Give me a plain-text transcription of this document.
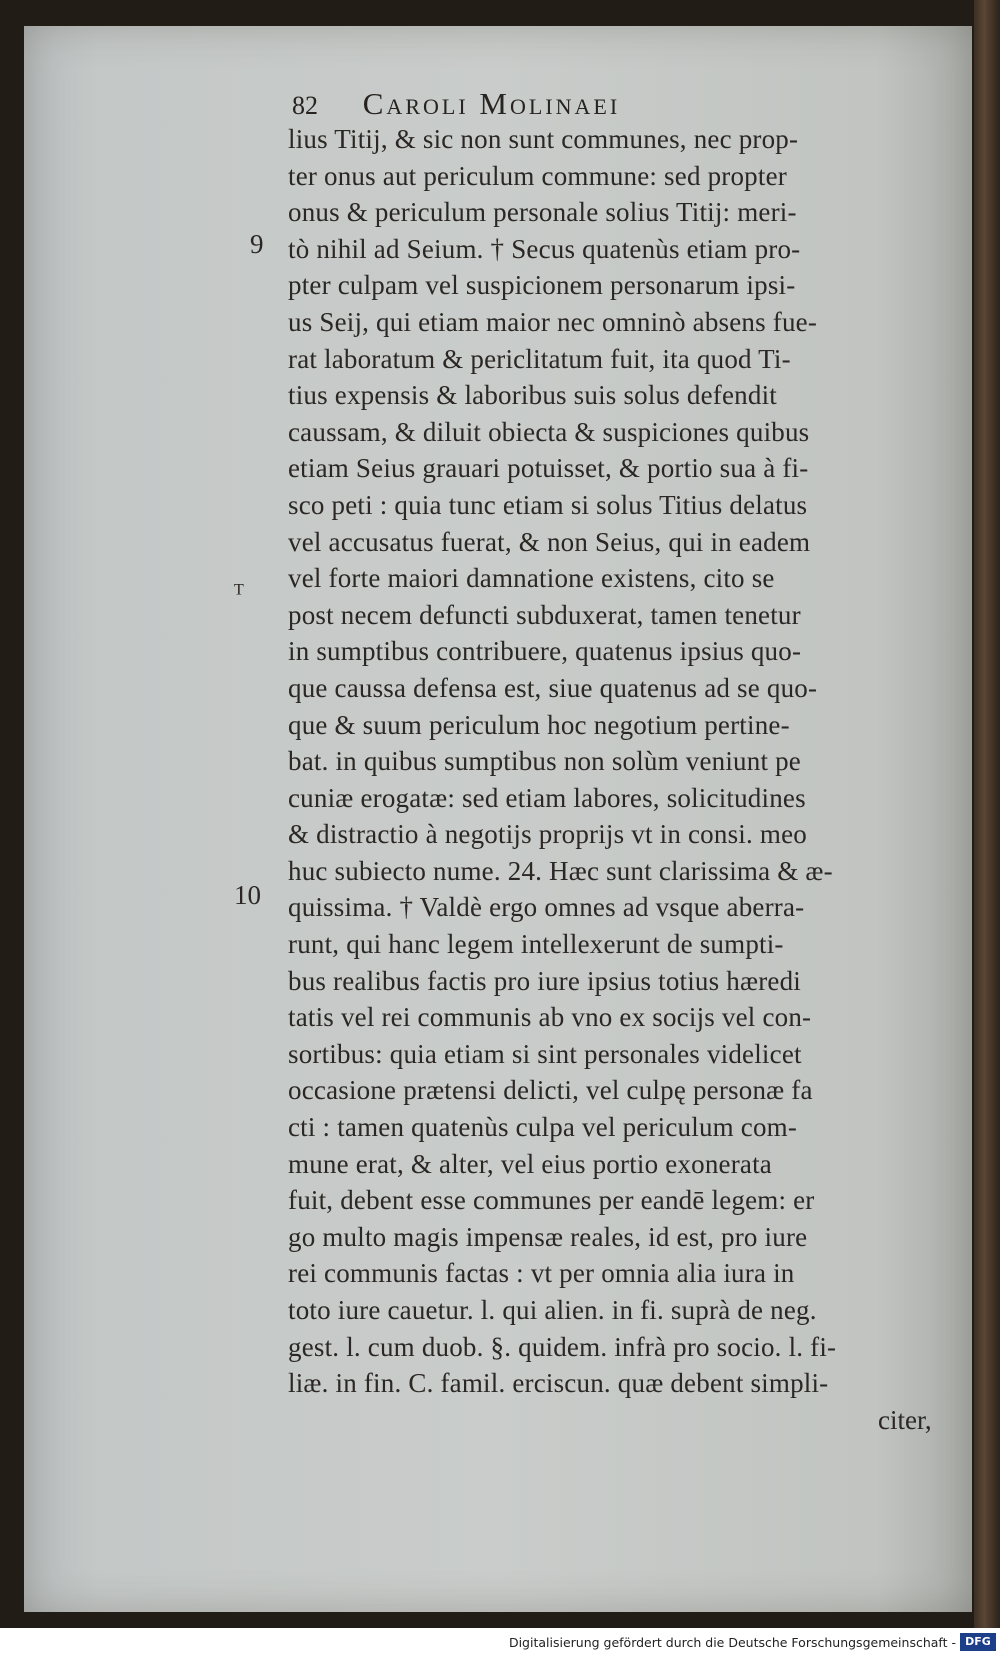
82 Caroli Molinaei
9
ᵀ
10
lius Titij, & sic non sunt communes, nec prop-
ter onus aut periculum commune: sed propter
onus & periculum personale solius Titij: meri-
tò nihil ad Seium. † Secus quatenùs etiam pro-
pter culpam vel suspicionem personarum ipsi-
us Seij, qui etiam maior nec omninò absens fue-
rat laboratum & periclitatum fuit, ita quod Ti-
tius expensis & laboribus suis solus defendit
caussam, & diluit obiecta & suspiciones quibus
etiam Seius grauari potuisset, & portio sua à fi-
sco peti : quia tunc etiam si solus Titius delatus
vel accusatus fuerat, & non Seius, qui in eadem
vel forte maiori damnatione existens, cito se
post necem defuncti subduxerat, tamen tenetur
in sumptibus contribuere, quatenus ipsius quo-
que caussa defensa est, siue quatenus ad se quo-
que & suum periculum hoc negotium pertine-
bat. in quibus sumptibus non solùm veniunt pe
cuniæ erogatæ: sed etiam labores, solicitudines
& distractio à negotijs proprijs vt in consi. meo
huc subiecto nume. 24. Hæc sunt clarissima & æ-
quissima. † Valdè ergo omnes ad vsque aberra-
runt, qui hanc legem intellexerunt de sumpti-
bus realibus factis pro iure ipsius totius hæredi
tatis vel rei communis ab vno ex socijs vel con-
sortibus: quia etiam si sint personales videlicet
occasione prætensi delicti, vel culpę personæ fa
cti : tamen quatenùs culpa vel periculum com-
mune erat, & alter, vel eius portio exonerata
fuit, debent esse communes per eandē legem: er
go multo magis impensæ reales, id est, pro iure
rei communis factas : vt per omnia alia iura in
toto iure cauetur. l. qui alien. in fi. suprà de neg.
gest. l. cum duob. §. quidem. infrà pro socio. l. fi-
liæ. in fin. C. famil. erciscun. quæ debent simpli-
citer,
Digitalisierung gefördert durch die Deutsche Forschungsgemeinschaft - DFG
